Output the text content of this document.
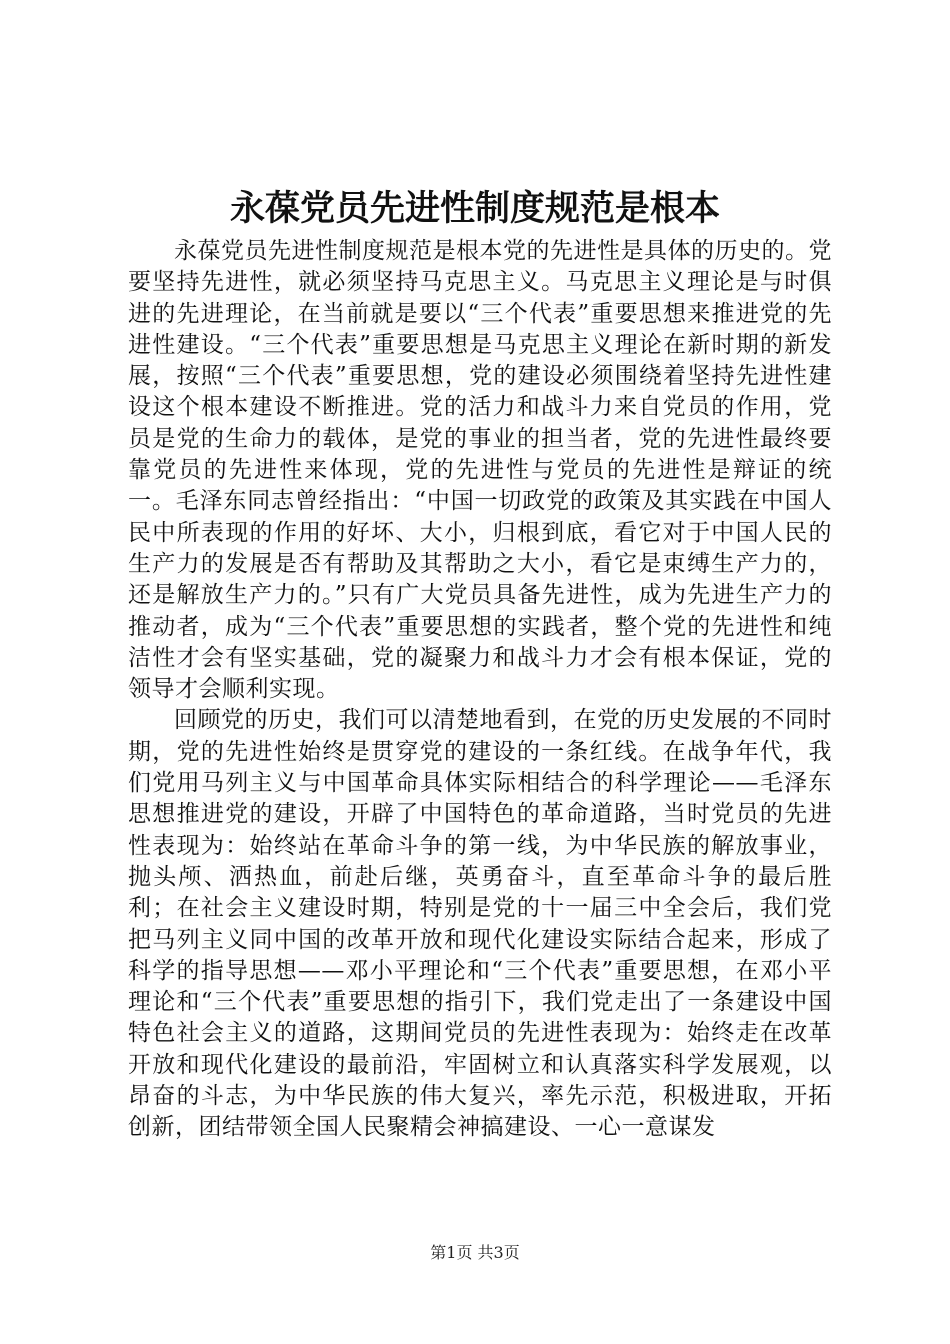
永葆党员先进性制度规范是根本

永葆党员先进性制度规范是根本党的先进性是具体的历史的。党要坚持先进性，就必须坚持马克思主义。马克思主义理论是与时俱进的先进理论，在当前就是要以“三个代表”重要思想来推进党的先进性建设。“三个代表”重要思想是马克思主义理论在新时期的新发展，按照“三个代表”重要思想，党的建设必须围绕着坚持先进性建设这个根本建设不断推进。党的活力和战斗力来自党员的作用，党员是党的生命力的载体，是党的事业的担当者，党的先进性最终要靠党员的先进性来体现，党的先进性与党员的先进性是辩证的统一。毛泽东同志曾经指出：“中国一切政党的政策及其实践在中国人民中所表现的作用的好坏、大小，归根到底，看它对于中国人民的生产力的发展是否有帮助及其帮助之大小，看它是束缚生产力的，还是解放生产力的。”只有广大党员具备先进性，成为先进生产力的推动者，成为“三个代表”重要思想的实践者，整个党的先进性和纯洁性才会有坚实基础，党的凝聚力和战斗力才会有根本保证，党的领导才会顺利实现。

回顾党的历史，我们可以清楚地看到，在党的历史发展的不同时期，党的先进性始终是贯穿党的建设的一条红线。在战争年代，我们党用马列主义与中国革命具体实际相结合的科学理论——毛泽东思想推进党的建设，开辟了中国特色的革命道路，当时党员的先进性表现为：始终站在革命斗争的第一线，为中华民族的解放事业，抛头颅、洒热血，前赴后继，英勇奋斗，直至革命斗争的最后胜利；在社会主义建设时期，特别是党的十一届三中全会后，我们党把马列主义同中国的改革开放和现代化建设实际结合起来，形成了科学的指导思想——邓小平理论和“三个代表”重要思想，在邓小平理论和“三个代表”重要思想的指引下，我们党走出了一条建设中国特色社会主义的道路，这期间党员的先进性表现为：始终走在改革开放和现代化建设的最前沿，牢固树立和认真落实科学发展观，以昂奋的斗志，为中华民族的伟大复兴，率先示范，积极进取，开拓创新，团结带领全国人民聚精会神搞建设、一心一意谋发

第1页 共3页
